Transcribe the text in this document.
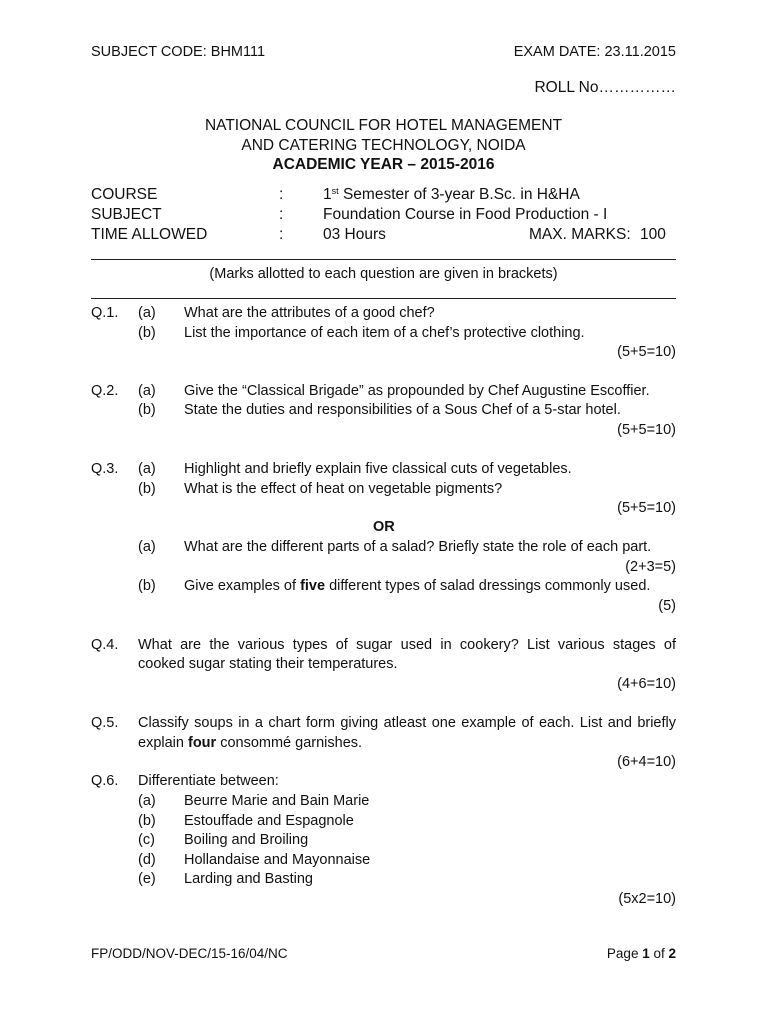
SUBJECT CODE: BHM111	EXAM DATE: 23.11.2015
ROLL No……………
NATIONAL COUNCIL FOR HOTEL MANAGEMENT
AND CATERING TECHNOLOGY, NOIDA
ACADEMIC YEAR – 2015-2016
COURSE	:	1st Semester of 3-year B.Sc. in H&HA
SUBJECT	:	Foundation Course in Food Production - I
TIME ALLOWED	:	03 Hours	MAX. MARKS: 100
(Marks allotted to each question are given in brackets)
Q.1. (a) What are the attributes of a good chef?
(b) List the importance of each item of a chef’s protective clothing.
(5+5=10)
Q.2. (a) Give the “Classical Brigade” as propounded by Chef Augustine Escoffier.
(b) State the duties and responsibilities of a Sous Chef of a 5-star hotel.
(5+5=10)
Q.3. (a) Highlight and briefly explain five classical cuts of vegetables.
(b) What is the effect of heat on vegetable pigments?
(5+5=10)
OR
(a) What are the different parts of a salad? Briefly state the role of each part.
(2+3=5)
(b) Give examples of five different types of salad dressings commonly used.
(5)
Q.4. What are the various types of sugar used in cookery? List various stages of
cooked sugar stating their temperatures.
(4+6=10)
Q.5. Classify soups in a chart form giving atleast one example of each. List and briefly
explain four consommé garnishes.
(6+4=10)
Q.6. Differentiate between:
(a) Beurre Marie and Bain Marie
(b) Estouffade and Espagnole
(c) Boiling and Broiling
(d) Hollandaise and Mayonnaise
(e) Larding and Basting
(5x2=10)
FP/ODD/NOV-DEC/15-16/04/NC	Page 1 of 2
